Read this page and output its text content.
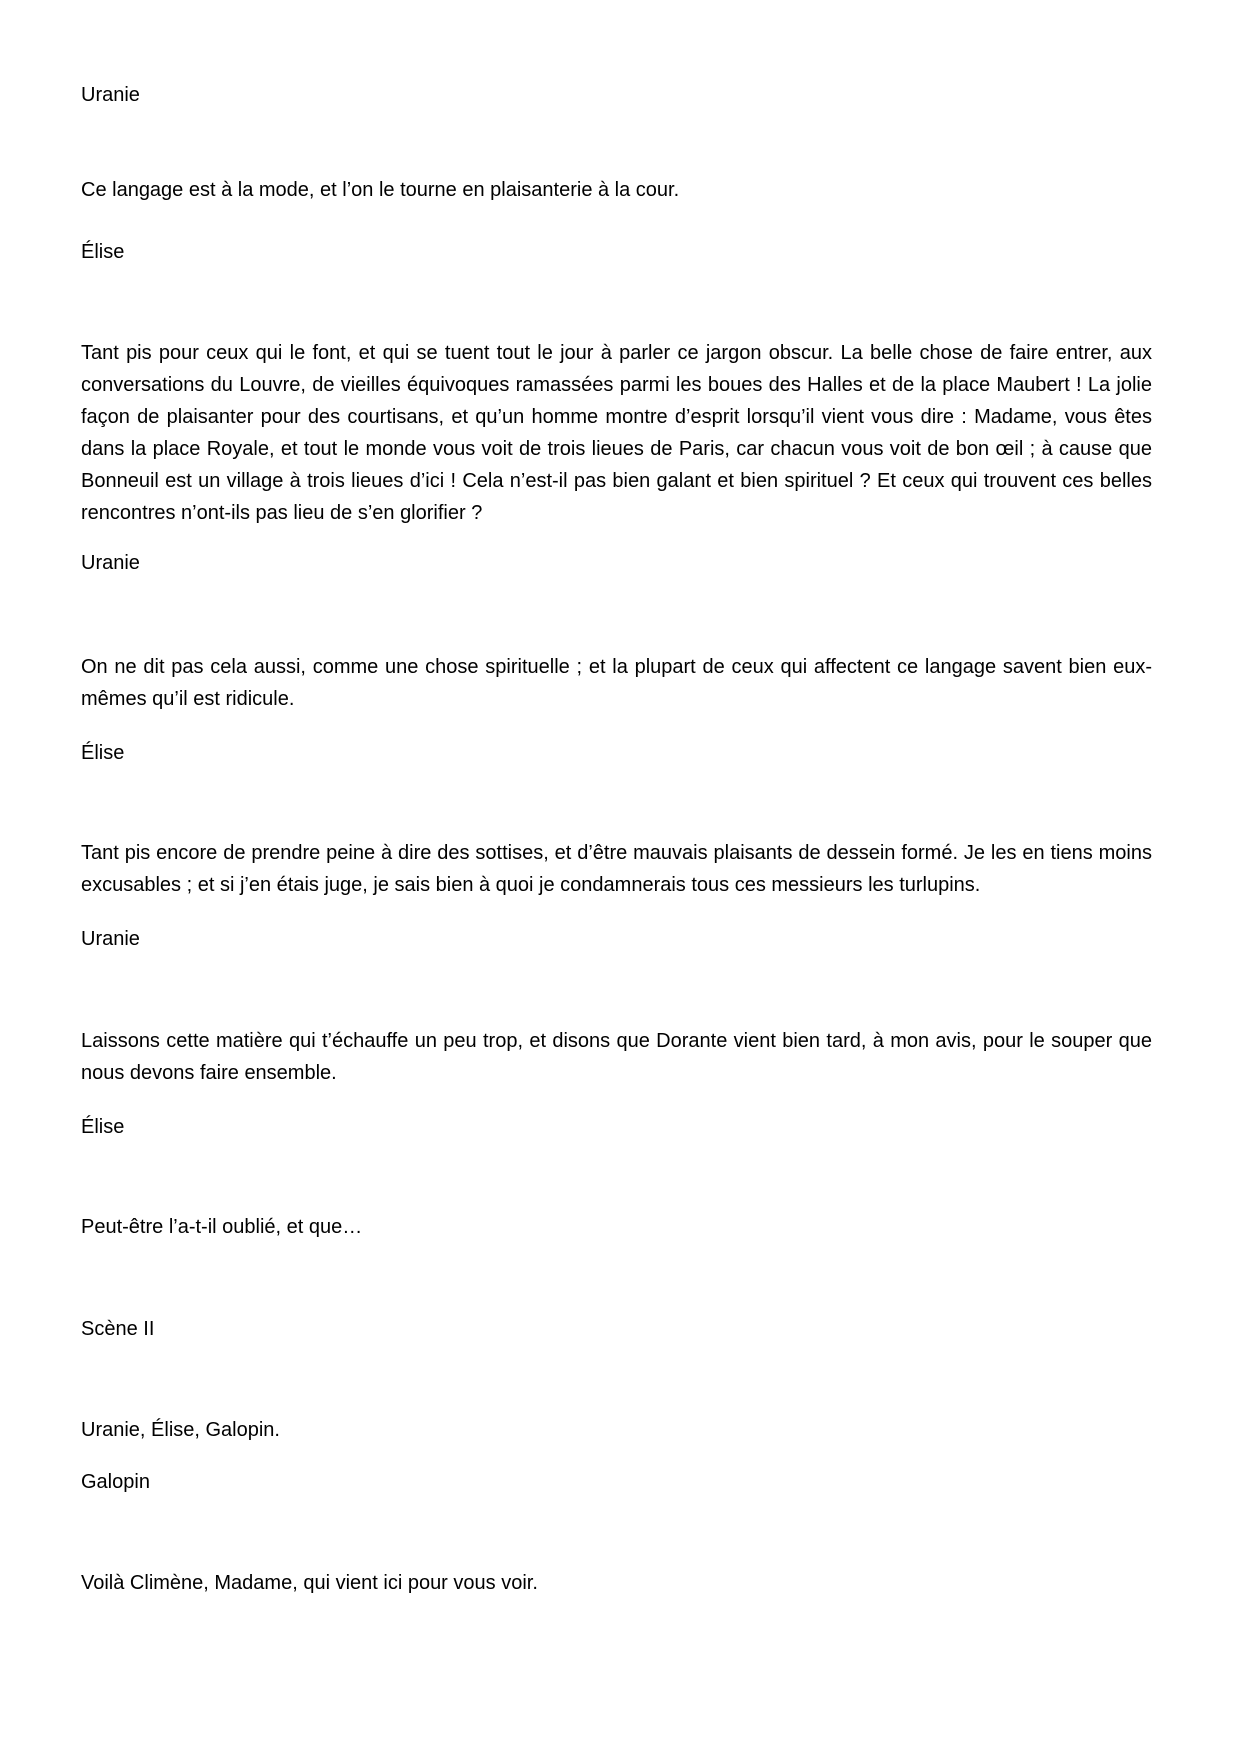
Uranie

Ce langage est à la mode, et l’on le tourne en plaisanterie à la cour.

Élise

Tant pis pour ceux qui le font, et qui se tuent tout le jour à parler ce jargon obscur. La belle chose de faire entrer, aux conversations du Louvre, de vieilles équivoques ramassées parmi les boues des Halles et de la place Maubert ! La jolie façon de plaisanter pour des courtisans, et qu’un homme montre d’esprit lorsqu’il vient vous dire : Madame, vous êtes dans la place Royale, et tout le monde vous voit de trois lieues de Paris, car chacun vous voit de bon œil ; à cause que Bonneuil est un village à trois lieues d’ici ! Cela n’est-il pas bien galant et bien spirituel ? Et ceux qui trouvent ces belles rencontres n’ont-ils pas lieu de s’en glorifier ?

Uranie

On ne dit pas cela aussi, comme une chose spirituelle ; et la plupart de ceux qui affectent ce langage savent bien eux-mêmes qu’il est ridicule.

Élise

Tant pis encore de prendre peine à dire des sottises, et d’être mauvais plaisants de dessein formé. Je les en tiens moins excusables ; et si j’en étais juge, je sais bien à quoi je condamnerais tous ces messieurs les turlupins.

Uranie

Laissons cette matière qui t’échauffe un peu trop, et disons que Dorante vient bien tard, à mon avis, pour le souper que nous devons faire ensemble.

Élise

Peut-être l’a-t-il oublié, et que…

Scène II

Uranie, Élise, Galopin.

Galopin

Voilà Climène, Madame, qui vient ici pour vous voir.
